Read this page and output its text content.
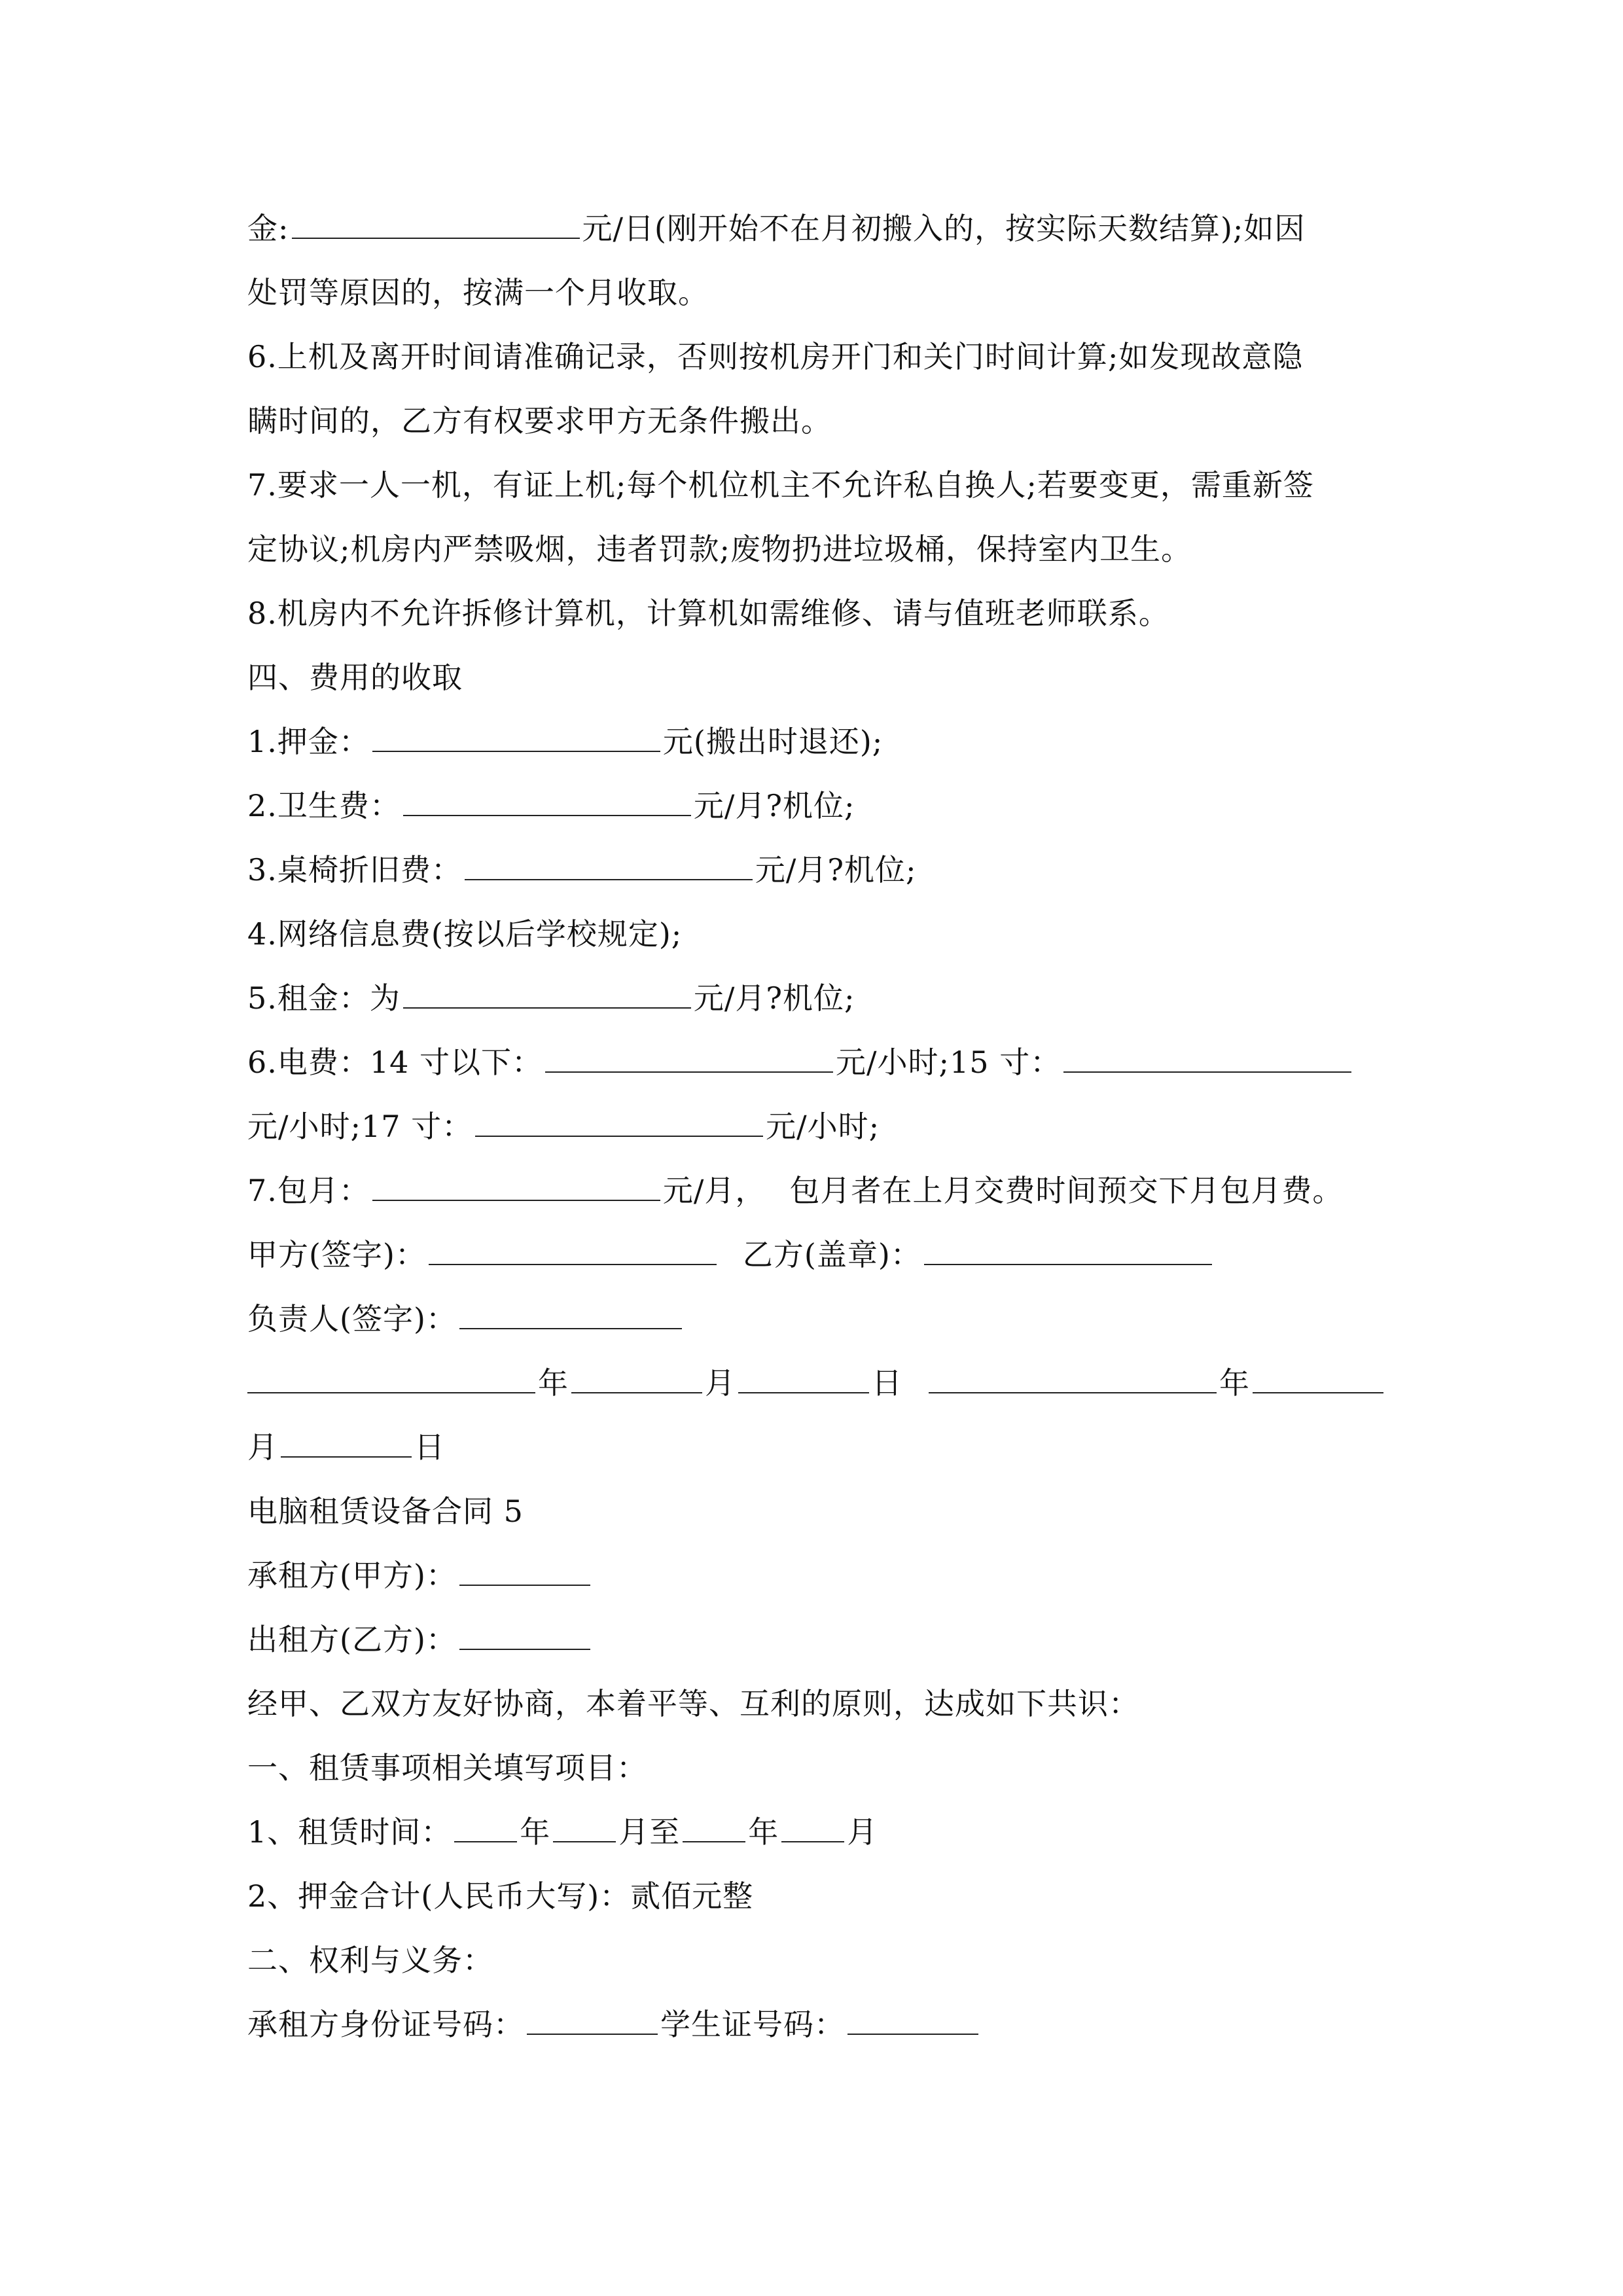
金:	元/日(刚开始不在月初搬入的，按实际天数结算);如因
处罚等原因的，按满一个月收取。
6.上机及离开时间请准确记录，否则按机房开门和关门时间计算;如发现故意隐
瞒时间的，乙方有权要求甲方无条件搬出。
7.要求一人一机，有证上机;每个机位机主不允许私自换人;若要变更，需重新签
定协议;机房内严禁吸烟，违者罚款;废物扔进垃圾桶，保持室内卫生。
8.机房内不允许拆修计算机，计算机如需维修、请与值班老师联系。
四、费用的收取
1.押金：	元(搬出时退还);
2.卫生费：	元/月?机位;
3.桌椅折旧费：	元/月?机位;
4.网络信息费(按以后学校规定);
5.租金：为	元/月?机位;
6.电费：14 寸以下：	元/小时;15 寸：
元/小时;17 寸：	元/小时;
7.包月：	元/月， 包月者在上月交费时间预交下月包月费。
甲方(签字)：	乙方(盖章)：
负责人(签字)：
年	月	日	年
月	日
电脑租赁设备合同 5
承租方(甲方)：
出租方(乙方)：
经甲、乙双方友好协商，本着平等、互利的原则，达成如下共识：
一、租赁事项相关填写项目：
1、租赁时间： 年 月至 年 月
2、押金合计(人民币大写)：贰佰元整
二、权利与义务：
承租方身份证号码：	学生证号码：
